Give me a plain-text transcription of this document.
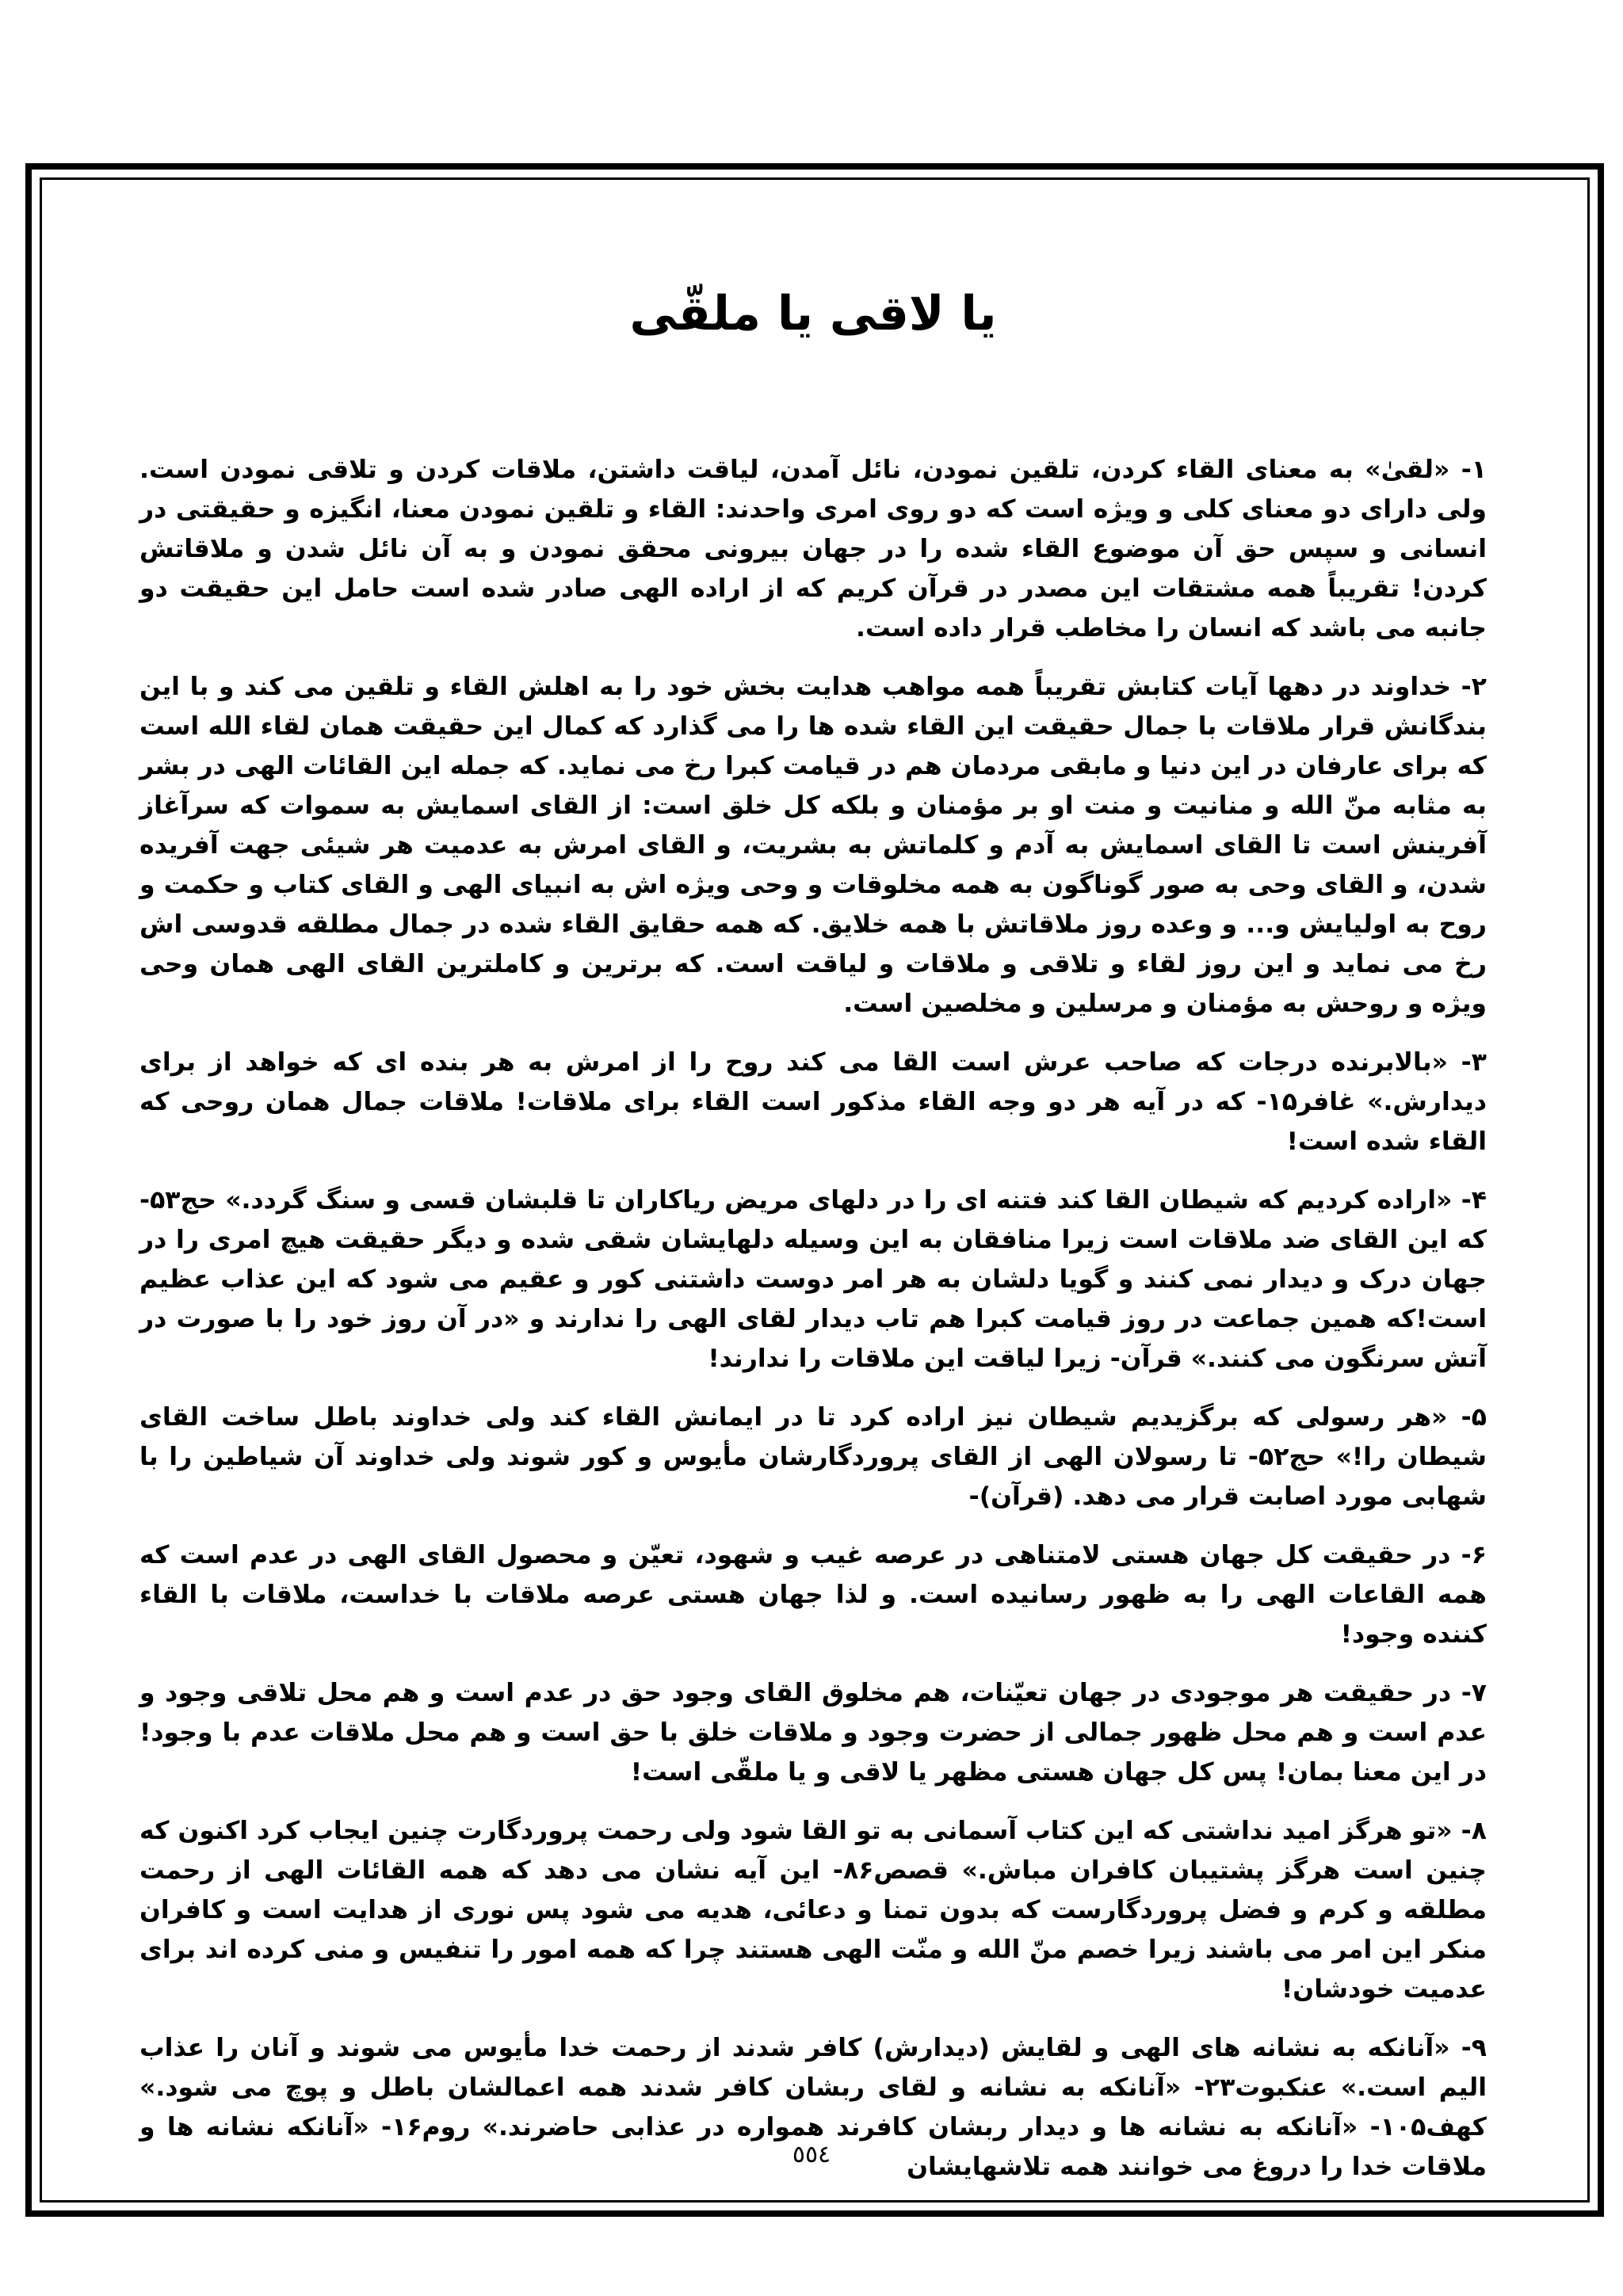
یا لاقی یا ملقّی

۱- «لقیٰ» به معنای القاء کردن، تلقین نمودن، نائل آمدن، لیاقت داشتن، ملاقات کردن و تلاقی نمودن است. ولی دارای دو معنای کلی و ویژه است که دو روی امری واحدند: القاء و تلقین نمودن معنا، انگیزه و حقیقتی در انسانی و سپس حق آن موضوع القاء شده را در جهان بیرونی محقق نمودن و به آن نائل شدن و ملاقاتش کردن! تقریباً همه مشتقات این مصدر در قرآن کریم که از اراده الهی صادر شده است حامل این حقیقت دو جانبه می باشد که انسان را مخاطب قرار داده است.

۲- خداوند در دهها آیات کتابش تقریباً همه مواهب هدایت بخش خود را به اهلش القاء و تلقین می کند و با این بندگانش قرار ملاقات با جمال حقیقت این القاء شده ها را می گذارد که کمال این حقیقت همان لقاء الله است که برای عارفان در این دنیا و مابقی مردمان هم در قیامت کبرا رخ می نماید. که جمله این القائات الهی در بشر به مثابه منّ الله و منانیت و منت او بر مؤمنان و بلکه کل خلق است: از القای اسمایش به سموات که سرآغاز آفرینش است تا القای اسمایش به آدم و کلماتش به بشریت، و القای امرش به عدمیت هر شیئی جهت آفریده شدن، و القای وحی به صور گوناگون به همه مخلوقات و وحی ویژه اش به انبیای الهی و القای کتاب و حکمت و روح به اولیایش و... و وعده روز ملاقاتش با همه خلایق. که همه حقایق القاء شده در جمال مطلقه قدوسی اش رخ می نماید و این روز لقاء و تلاقی و ملاقات و لیاقت است. که برترین و کاملترین القای الهی همان وحی ویژه و روحش به مؤمنان و مرسلین و مخلصین است.

۳- «بالابرنده درجات که صاحب عرش است القا می کند روح را از امرش به هر بنده ای که خواهد از برای دیدارش.» غافر۱۵- که در آیه هر دو وجه القاء مذکور است القاء برای ملاقات! ملاقات جمال همان روحی که القاء شده است!

۴- «اراده کردیم که شیطان القا کند فتنه ای را در دلهای مریض ریاکاران تا قلبشان قسی و سنگ گردد.» حج۵۳- که این القای ضد ملاقات است زیرا منافقان به این وسیله دلهایشان شقی شده و دیگر حقیقت هیچ امری را در جهان درک و دیدار نمی کنند و گویا دلشان به هر امر دوست داشتنی کور و عقیم می شود که این عذاب عظیم است!که همین جماعت در روز قیامت کبرا هم تاب دیدار لقای الهی را ندارند و «در آن روز خود را با صورت در آتش سرنگون می کنند.» قرآن- زیرا لیاقت این ملاقات را ندارند!

۵- «هر رسولی که برگزیدیم شیطان نیز اراده کرد تا در ایمانش القاء کند ولی خداوند باطل ساخت القای شیطان را!» حج۵۲- تا رسولان الهی از القای پروردگارشان مأیوس و کور شوند ولی خداوند آن شیاطین را با شهابی مورد اصابت قرار می دهد. (قرآن)-

۶- در حقیقت کل جهان هستی لامتناهی در عرصه غیب و شهود، تعیّن و محصول القای الهی در عدم است که همه القاعات الهی را به ظهور رسانیده است. و لذا جهان هستی عرصه ملاقات با خداست، ملاقات با القاء کننده وجود!

۷- در حقیقت هر موجودی در جهان تعیّنات، هم مخلوق القای وجود حق در عدم است و هم محل تلاقی وجود و عدم است و هم محل ظهور جمالی از حضرت وجود و ملاقات خلق با حق است و هم محل ملاقات عدم با وجود! در این معنا بمان! پس کل جهان هستی مظهر یا لاقی و یا ملقّی است!

۸- «تو هرگز امید نداشتی که این کتاب آسمانی به تو القا شود ولی رحمت پروردگارت چنین ایجاب کرد اکنون که چنین است هرگز پشتیبان کافران مباش.» قصص۸۶- این آیه نشان می دهد که همه القائات الهی از رحمت مطلقه و کرم و فضل پروردگارست که بدون تمنا و دعائی، هدیه می شود پس نوری از هدایت است و کافران منکر این امر می باشند زیرا خصم منّ الله و منّت الهی هستند چرا که همه امور را تنفیس و منی کرده اند برای عدمیت خودشان!

۹- «آنانکه به نشانه های الهی و لقایش (دیدارش) کافر شدند از رحمت خدا مأیوس می شوند و آنان را عذاب الیم است.» عنکبوت۲۳- «آنانکه به نشانه و لقای ربشان کافر شدند همه اعمالشان باطل و پوچ می شود.» کهف۱۰۵- «آنانکه به نشانه ها و دیدار ربشان کافرند همواره در عذابی حاضرند.» روم۱۶- «آنانکه نشانه ها و ملاقات خدا را دروغ می خوانند همه تلاشهایشان

٥٥٤
